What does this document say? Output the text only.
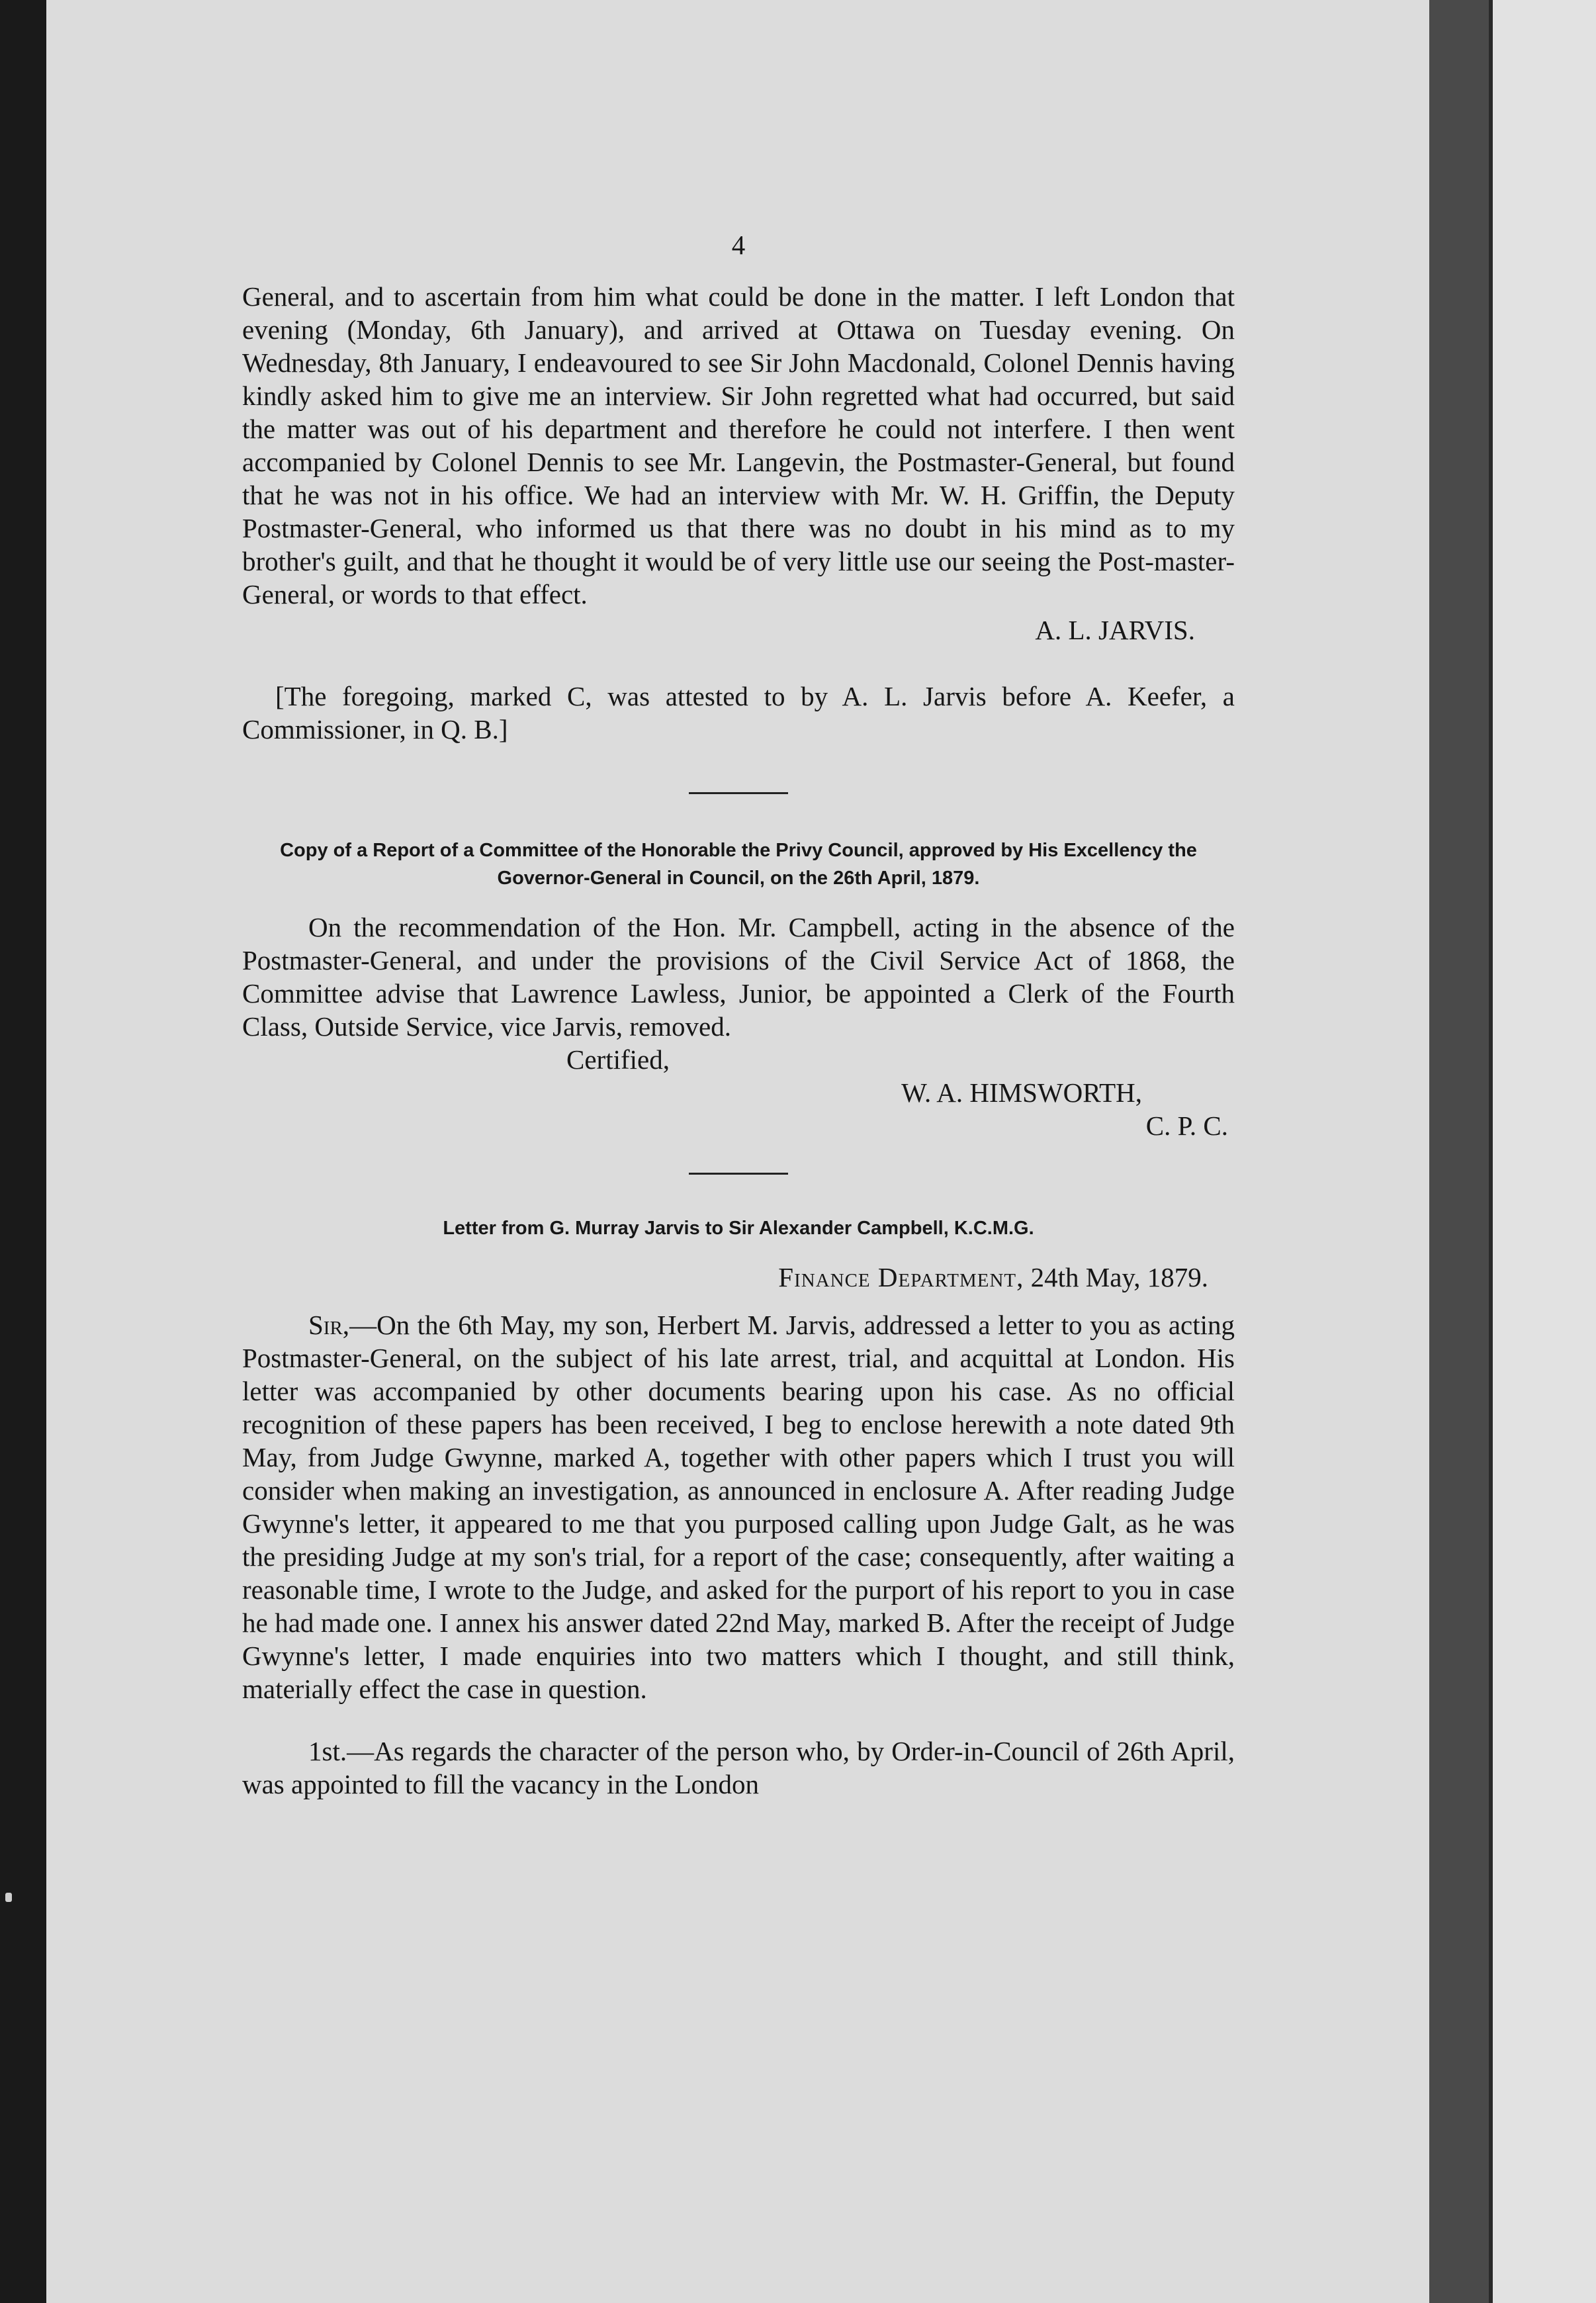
4

General, and to ascertain from him what could be done in the matter. I left London that evening (Monday, 6th January), and arrived at Ottawa on Tuesday evening. On Wednesday, 8th January, I endeavoured to see Sir John Macdonald, Colonel Dennis having kindly asked him to give me an interview. Sir John regretted what had occurred, but said the matter was out of his department and therefore he could not interfere. I then went accompanied by Colonel Dennis to see Mr. Langevin, the Postmaster-General, but found that he was not in his office. We had an interview with Mr. W. H. Griffin, the Deputy Postmaster-General, who informed us that there was no doubt in his mind as to my brother's guilt, and that he thought it would be of very little use our seeing the Post-master-General, or words to that effect.

A. L. JARVIS.

[The foregoing, marked C, was attested to by A. L. Jarvis before A. Keefer, a Commissioner, in Q. B.]

Copy of a Report of a Committee of the Honorable the Privy Council, approved by His Excellency the Governor-General in Council, on the 26th April, 1879.

On the recommendation of the Hon. Mr. Campbell, acting in the absence of the Postmaster-General, and under the provisions of the Civil Service Act of 1868, the Committee advise that Lawrence Lawless, Junior, be appointed a Clerk of the Fourth Class, Outside Service, vice Jarvis, removed.

Certified,
W. A. HIMSWORTH,
C. P. C.
Letter from G. Murray Jarvis to Sir Alexander Campbell, K.C.M.G.
Finance Department, 24th May, 1879.

Sir,—On the 6th May, my son, Herbert M. Jarvis, addressed a letter to you as acting Postmaster-General, on the subject of his late arrest, trial, and acquittal at London. His letter was accompanied by other documents bearing upon his case. As no official recognition of these papers has been received, I beg to enclose herewith a note dated 9th May, from Judge Gwynne, marked A, together with other papers which I trust you will consider when making an investigation, as announced in enclosure A. After reading Judge Gwynne's letter, it appeared to me that you purposed calling upon Judge Galt, as he was the presiding Judge at my son's trial, for a report of the case; consequently, after waiting a reasonable time, I wrote to the Judge, and asked for the purport of his report to you in case he had made one. I annex his answer dated 22nd May, marked B. After the receipt of Judge Gwynne's letter, I made enquiries into two matters which I thought, and still think, materially effect the case in question.

1st.—As regards the character of the person who, by Order-in-Council of 26th April, was appointed to fill the vacancy in the London
